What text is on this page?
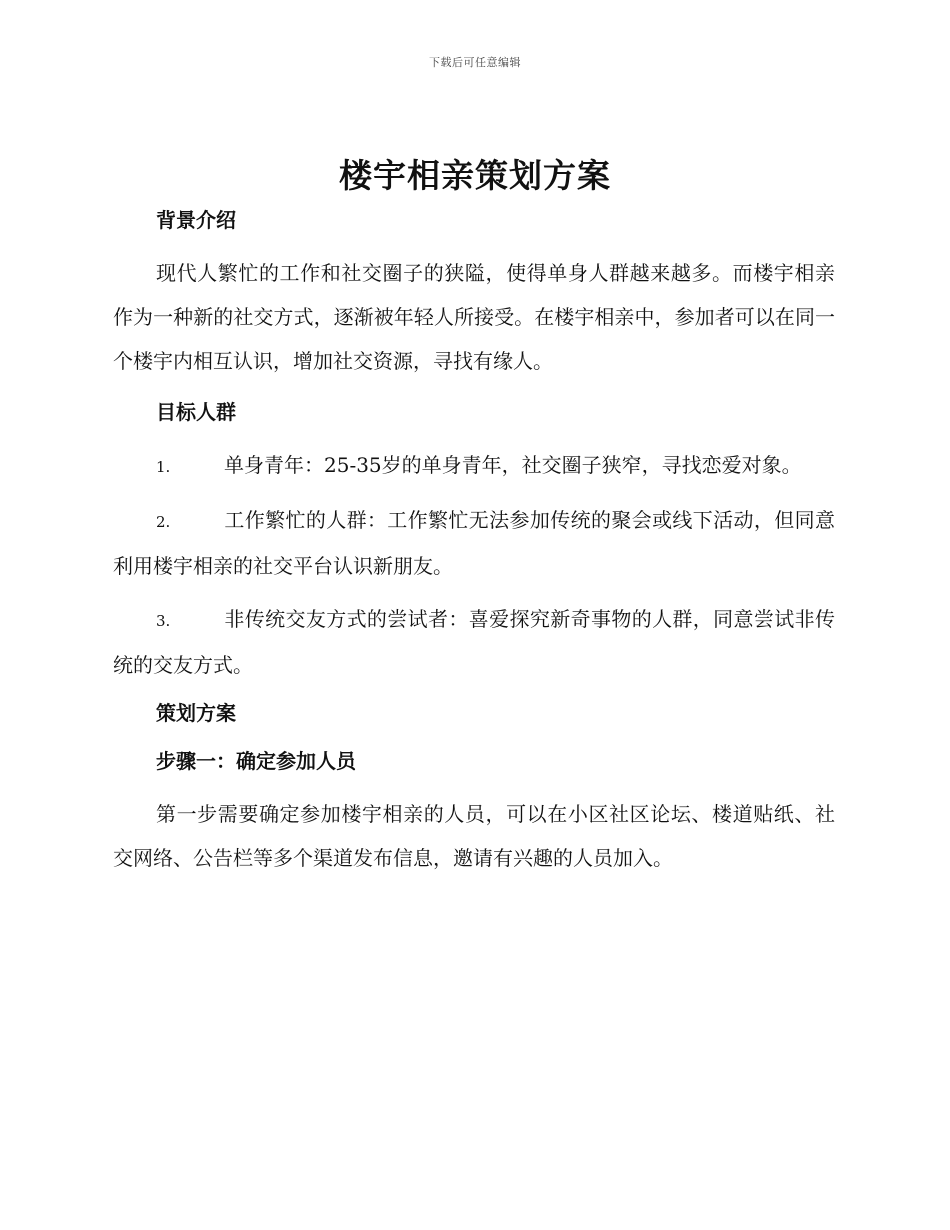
下载后可任意编辑
楼宇相亲策划方案
背景介绍

现代人繁忙的工作和社交圈子的狭隘，使得单身人群越来越多。而楼宇相亲作为一种新的社交方式，逐渐被年轻人所接受。在楼宇相亲中，参加者可以在同一个楼宇内相互认识，增加社交资源，寻找有缘人。

目标人群

1.	单身青年：25-35岁的单身青年，社交圈子狭窄，寻找恋爱对象。

2.	工作繁忙的人群：工作繁忙无法参加传统的聚会或线下活动，但同意利用楼宇相亲的社交平台认识新朋友。

3.	非传统交友方式的尝试者：喜爱探究新奇事物的人群，同意尝试非传统的交友方式。

策划方案
步骤一：确定参加人员

第一步需要确定参加楼宇相亲的人员，可以在小区社区论坛、楼道贴纸、社交网络、公告栏等多个渠道发布信息，邀请有兴趣的人员加入。
